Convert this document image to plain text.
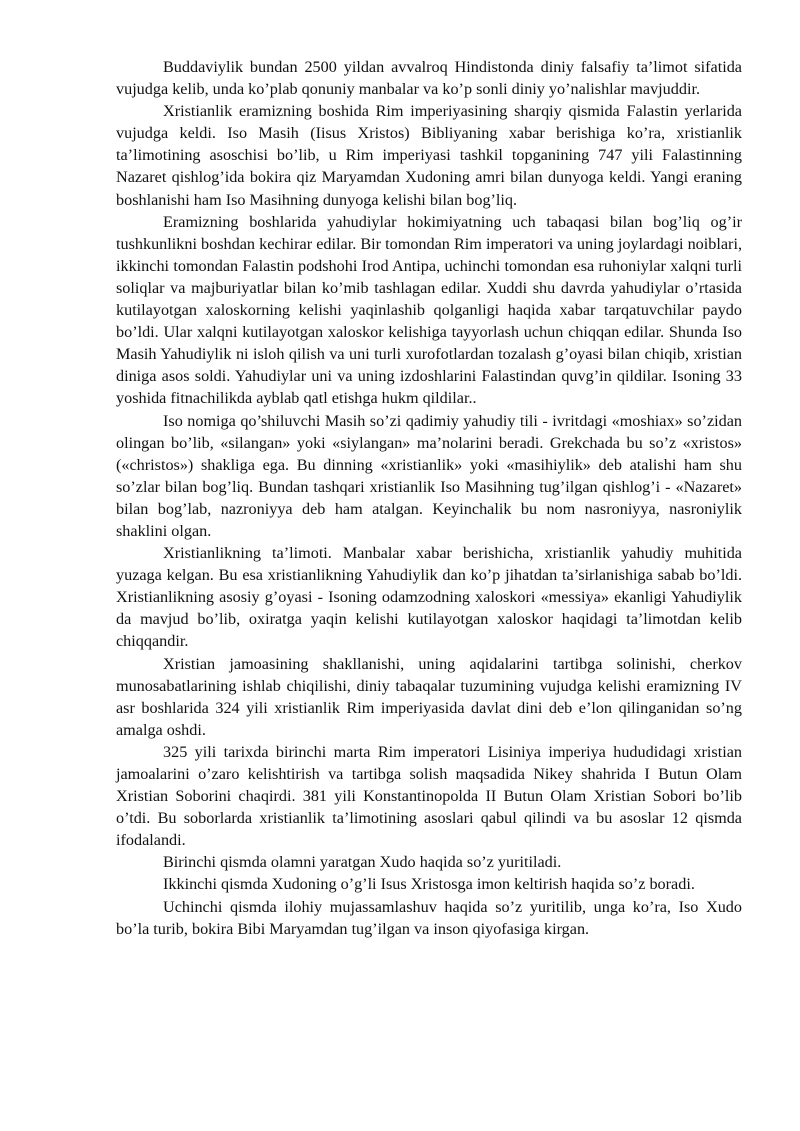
Buddaviylik bundan 2500 yildan avvalroq Hindistonda diniy falsafiy ta’limot sifatida vujudga kelib, unda ko’plab qonuniy manbalar va ko’p sonli diniy yo’nalishlar mavjuddir.

Xristianlik eramizning boshida Rim imperiyasining sharqiy qismida Falastin yerlarida vujudga keldi. Iso Masih (Iisus Xristos) Bibliyaning xabar berishiga ko’ra, xristianlik ta’limotining asoschisi bo’lib, u Rim imperiyasi tashkil topganining 747 yili Falastinning Nazaret qishlog’ida bokira qiz Maryamdan Xudoning amri bilan dunyoga keldi. Yangi eraning boshlanishi ham Iso Masihning dunyoga kelishi bilan bog’liq.

Eramizning boshlarida yahudiylar hokimiyatning uch tabaqasi bilan bog’liq og’ir tushkunlikni boshdan kechirar edilar. Bir tomondan Rim imperatori va uning joylardagi noiblari, ikkinchi tomondan Falastin podshohi Irod Antipa, uchinchi tomondan esa ruhoniylar xalqni turli soliqlar va majburiyatlar bilan ko’mib tashlagan edilar. Xuddi shu davrda yahudiylar o’rtasida kutilayotgan xaloskorning kelishi yaqinlashib qolganligi haqida xabar tarqatuvchilar paydo bo’ldi. Ular xalqni kutilayotgan xaloskor kelishiga tayyorlash uchun chiqqan edilar. Shunda Iso Masih Yahudiylik ni isloh qilish va uni turli xurofotlardan tozalash g’oyasi bilan chiqib, xristian diniga asos soldi. Yahudiylar uni va uning izdoshlarini Falastindan quvg’in qildilar. Isoning 33 yoshida fitnachilikda ayblab qatl etishga hukm qildilar..

Iso nomiga qo’shiluvchi Masih so’zi qadimiy yahudiy tili - ivritdagi «moshiax» so’zidan olingan bo’lib, «silangan» yoki «siylangan» ma’nolarini beradi. Grekchada bu so’z «xristos» («christos») shakliga ega. Bu dinning «xristianlik» yoki «masihiylik» deb atalishi ham shu so’zlar bilan bog’liq. Bundan tashqari xristianlik Iso Masihning tug’ilgan qishlog’i - «Nazaret» bilan bog’lab, nazroniyya deb ham atalgan. Keyinchalik bu nom nasroniyya, nasroniylik shaklini olgan.

Xristianlikning ta’limoti. Manbalar xabar berishicha, xristianlik yahudiy muhitida yuzaga kelgan. Bu esa xristianlikning Yahudiylik dan ko’p jihatdan ta’sirlanishiga sabab bo’ldi. Xristianlikning asosiy g’oyasi - Isoning odamzodning xaloskori «messiya» ekanligi Yahudiylik da mavjud bo’lib, oxiratga yaqin kelishi kutilayotgan xaloskor haqidagi ta’limotdan kelib chiqqandir.

Xristian jamoasining shakllanishi, uning aqidalarini tartibga solinishi, cherkov munosabatlarining ishlab chiqilishi, diniy tabaqalar tuzumining vujudga kelishi eramizning IV asr boshlarida 324 yili xristianlik Rim imperiyasida davlat dini deb e’lon qilinganidan so’ng amalga oshdi.

325 yili tarixda birinchi marta Rim imperatori Lisiniya imperiya hududidagi xristian jamoalarini o’zaro kelishtirish va tartibga solish maqsadida Nikey shahrida I Butun Olam Xristian Soborini chaqirdi. 381 yili Konstantinopolda II Butun Olam Xristian Sobori bo’lib o’tdi. Bu soborlarda xristianlik ta’limotining asoslari qabul qilindi va bu asoslar 12 qismda ifodalandi.

Birinchi qismda olamni yaratgan Xudo haqida so’z yuritiladi.

Ikkinchi qismda Xudoning o’g’li Isus Xristosga imon keltirish haqida so’z boradi.

Uchinchi qismda ilohiy mujassamlashuv haqida so’z yuritilib, unga ko’ra, Iso Xudo bo’la turib, bokira Bibi Maryamdan tug’ilgan va inson qiyofasiga kirgan.
